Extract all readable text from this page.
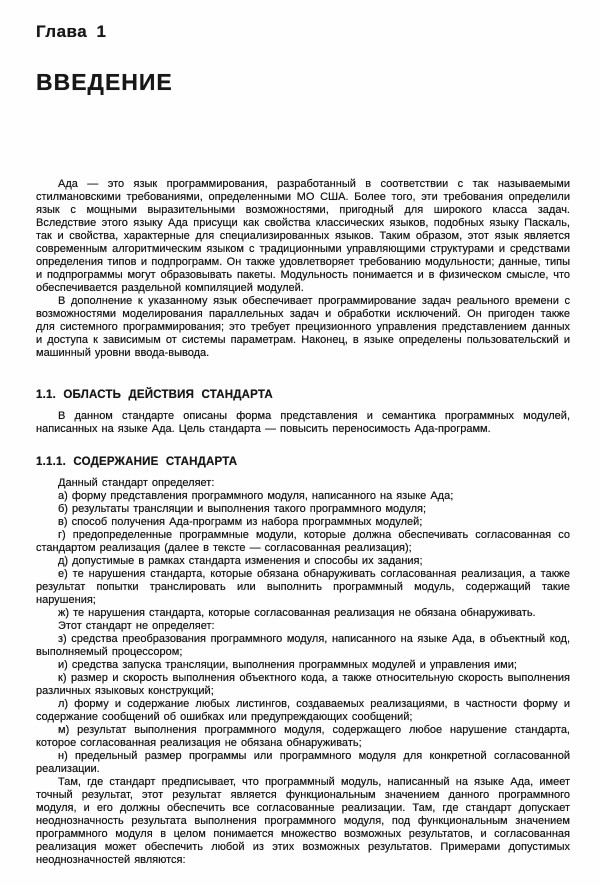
Глава 1
ВВЕДЕНИЕ

Ада — это язык программирования, разработанный в соответствии с так называемыми стилмановскими требованиями, определенными МО США. Более того, эти требования определили язык с мощными выразительными возможностями, пригодный для широкого класса задач. Вследствие этого языку Ада присущи как свойства классических языков, подобных языку Паскаль, так и свойства, характерные для специализированных языков. Таким образом, этот язык является современным алгоритмическим языком с традиционными управляющими структурами и средствами определения типов и подпрограмм. Он также удовлетворяет требованию модульности; данные, типы и подпрограммы могут образовывать пакеты. Модульность понимается и в физическом смысле, что обеспечивается раздельной компиляцией модулей.

В дополнение к указанному язык обеспечивает программирование задач реального времени с возможностями моделирования параллельных задач и обработки исключений. Он пригоден также для системного программирования; это требует прецизионного управления представлением данных и доступа к зависимым от системы параметрам. Наконец, в языке определены пользовательский и машинный уровни ввода-вывода.

1.1. ОБЛАСТЬ ДЕЙСТВИЯ СТАНДАРТА

В данном стандарте описаны форма представления и семантика программных модулей, написанных на языке Ада. Цель стандарта — повысить переносимость Ада-программ.

1.1.1. СОДЕРЖАНИЕ СТАНДАРТА

Данный стандарт определяет:

а) форму представления программного модуля, написанного на языке Ада;

б) результаты трансляции и выполнения такого программного модуля;

в) способ получения Ада-программ из набора программных модулей;

г) предопределенные программные модули, которые должна обеспечивать согласованная со стандартом реализация (далее в тексте — согласованная реализация);

д) допустимые в рамках стандарта изменения и способы их задания;

е) те нарушения стандарта, которые обязана обнаруживать согласованная реализация, а также результат попытки транслировать или выполнить программный модуль, содержащий такие нарушения;

ж) те нарушения стандарта, которые согласованная реализация не обязана обнаруживать.

Этот стандарт не определяет:

з) средства преобразования программного модуля, написанного на языке Ада, в объектный код, выполняемый процессором;

и) средства запуска трансляции, выполнения программных модулей и управления ими;

к) размер и скорость выполнения объектного кода, а также относительную скорость выполнения различных языковых конструкций;

л) форму и содержание любых листингов, создаваемых реализациями, в частности форму и содержание сообщений об ошибках или предупреждающих сообщений;

м) результат выполнения программного модуля, содержащего любое нарушение стандарта, которое согласованная реализация не обязана обнаруживать;

н) предельный размер программы или программного модуля для конкретной согласованной реализации.

Там, где стандарт предписывает, что программный модуль, написанный на языке Ада, имеет точный результат, этот результат является функциональным значением данного программного модуля, и его должны обеспечить все согласованные реализации. Там, где стандарт допускает неоднозначность результата выполнения программного модуля, под функциональным значением программного модуля в целом понимается множество возможных результатов, и согласованная реализация может обеспечить любой из этих возможных результатов. Примерами допустимых неоднозначностей являются:
